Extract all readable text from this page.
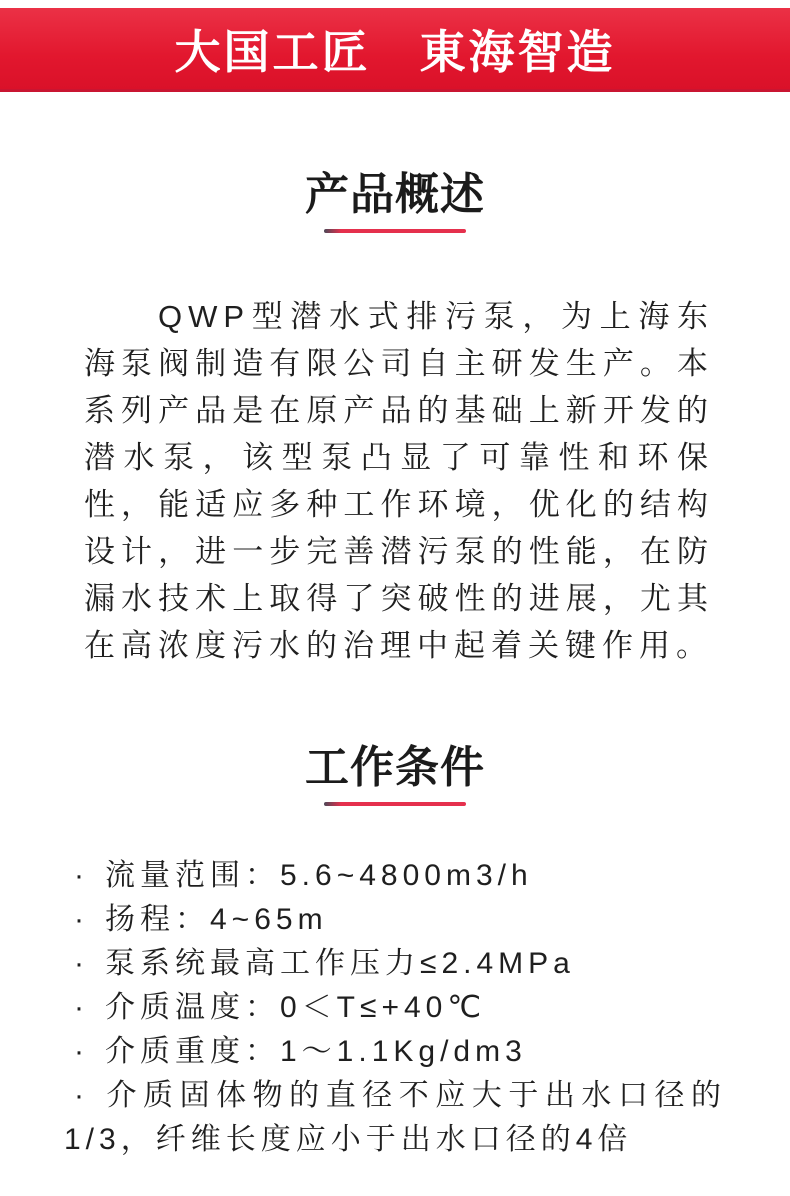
大国工匠　東海智造
产品概述

QWP型潜水式排污泵，为上海东海泵阀制造有限公司自主研发生产。本系列产品是在原产品的基础上新开发的潜水泵，该型泵凸显了可靠性和环保性，能适应多种工作环境，优化的结构设计，进一步完善潜污泵的性能，在防漏水技术上取得了突破性的进展，尤其在高浓度污水的治理中起着关键作用。

工作条件
· 流量范围：5.6~4800m3/h
· 扬程：4~65m
· 泵系统最高工作压力≤2.4MPa
· 介质温度：0＜T≤+40℃
· 介质重度：1～1.1Kg/dm3
· 介质固体物的直径不应大于出水口径的1/3，纤维长度应小于出水口径的4倍
